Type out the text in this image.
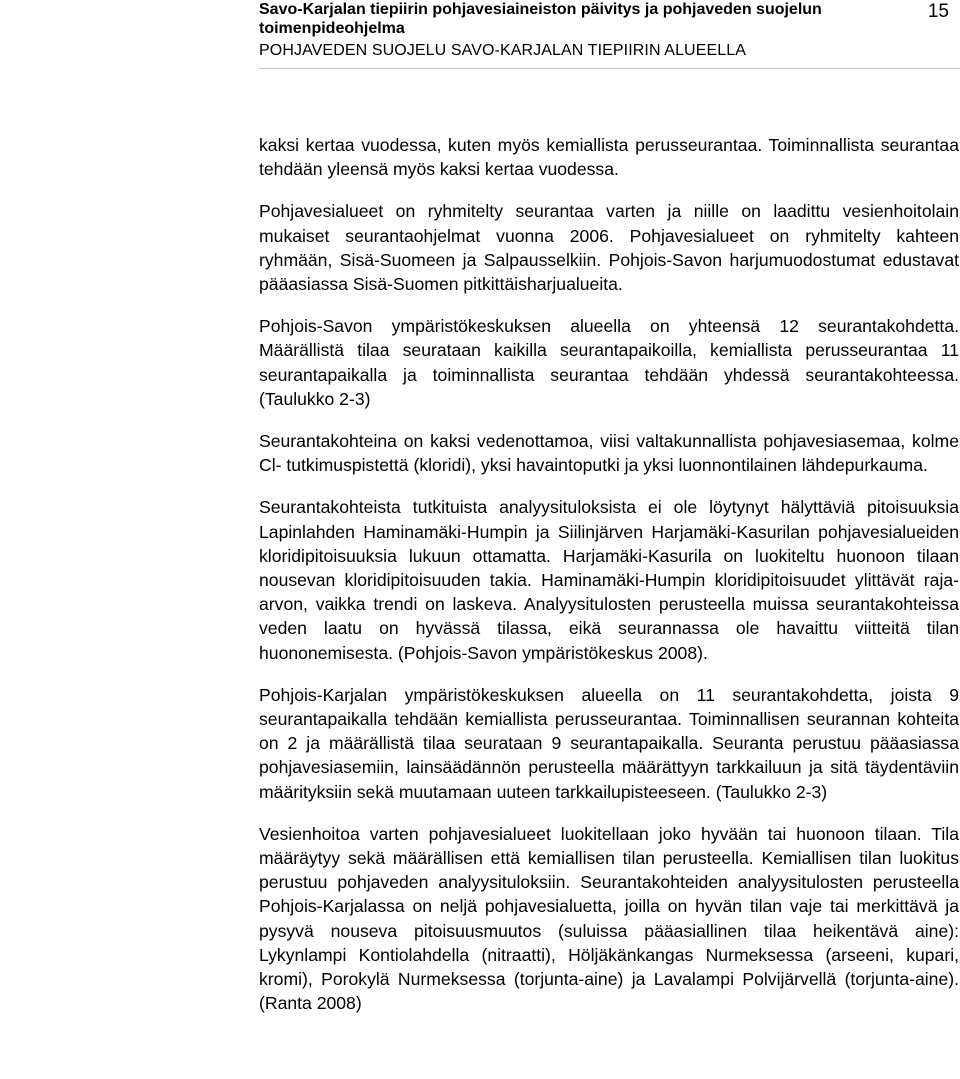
Savo-Karjalan tiepiirin pohjavesiaineiston päivitys ja pohjaveden suojelun toimenpideohjelma
POHJAVEDEN SUOJELU SAVO-KARJALAN TIEPIIRIN ALUEELLA
15

kaksi kertaa vuodessa, kuten myös kemiallista perusseurantaa. Toiminnallista seurantaa tehdään yleensä myös kaksi kertaa vuodessa.

Pohjavesialueet on ryhmitelty seurantaa varten ja niille on laadittu vesienhoitolain mukaiset seurantaohjelmat vuonna 2006. Pohjavesialueet on ryhmitelty kahteen ryhmään, Sisä-Suomeen ja Salpausselkiin. Pohjois-Savon harjumuodostumat edustavat pääasiassa Sisä-Suomen pitkittäisharjualueita.

Pohjois-Savon ympäristökeskuksen alueella on yhteensä 12 seurantakohdetta. Määrällistä tilaa seurataan kaikilla seurantapaikoilla, kemiallista perusseurantaa 11 seurantapaikalla ja toiminnallista seurantaa tehdään yhdessä seurantakohteessa. (Taulukko 2-3)

Seurantakohteina on kaksi vedenottamoa, viisi valtakunnallista pohjavesiasemaa, kolme Cl- tutkimuspistettä (kloridi), yksi havaintoputki ja yksi luonnontilainen lähdepurkauma.

Seurantakohteista tutkituista analyysituloksista ei ole löytynyt hälyttäviä pitoisuuksia Lapinlahden Haminamäki-Humpin ja Siilinjärven Harjamäki-Kasurilan pohjavesialueiden kloridipitoisuuksia lukuun ottamatta. Harjamäki-Kasurila on luokiteltu huonoon tilaan nousevan kloridipitoisuuden takia. Haminamäki-Humpin kloridipitoisuudet ylittävät raja-arvon, vaikka trendi on laskeva. Analyysitulosten perusteella muissa seurantakohteissa veden laatu on hyvässä tilassa, eikä seurannassa ole havaittu viitteitä tilan huononemisesta. (Pohjois-Savon ympäristökeskus 2008).

Pohjois-Karjalan ympäristökeskuksen alueella on 11 seurantakohdetta, joista 9 seurantapaikalla tehdään kemiallista perusseurantaa. Toiminnallisen seurannan kohteita on 2 ja määrällistä tilaa seurataan 9 seurantapaikalla. Seuranta perustuu pääasiassa pohjavesiasemiin, lainsäädännön perusteella määrättyyn tarkkailuun ja sitä täydentäviin määrityksiin sekä muutamaan uuteen tarkkailupisteeseen. (Taulukko 2-3)

Vesienhoitoa varten pohjavesialueet luokitellaan joko hyvään tai huonoon tilaan. Tila määräytyy sekä määrällisen että kemiallisen tilan perusteella. Kemiallisen tilan luokitus perustuu pohjaveden analyysituloksiin. Seurantakohteiden analyysitulosten perusteella Pohjois-Karjalassa on neljä pohjavesialuetta, joilla on hyvän tilan vaje tai merkittävä ja pysyvä nouseva pitoisuusmuutos (suluissa pääasiallinen tilaa heikentävä aine): Lykynlampi Kontiolahdella (nitraatti), Höljäkänkangas Nurmeksessa (arseeni, kupari, kromi), Porokylä Nurmeksessa (torjunta-aine) ja Lavalampi Polvijärvellä (torjunta-aine). (Ranta 2008)
